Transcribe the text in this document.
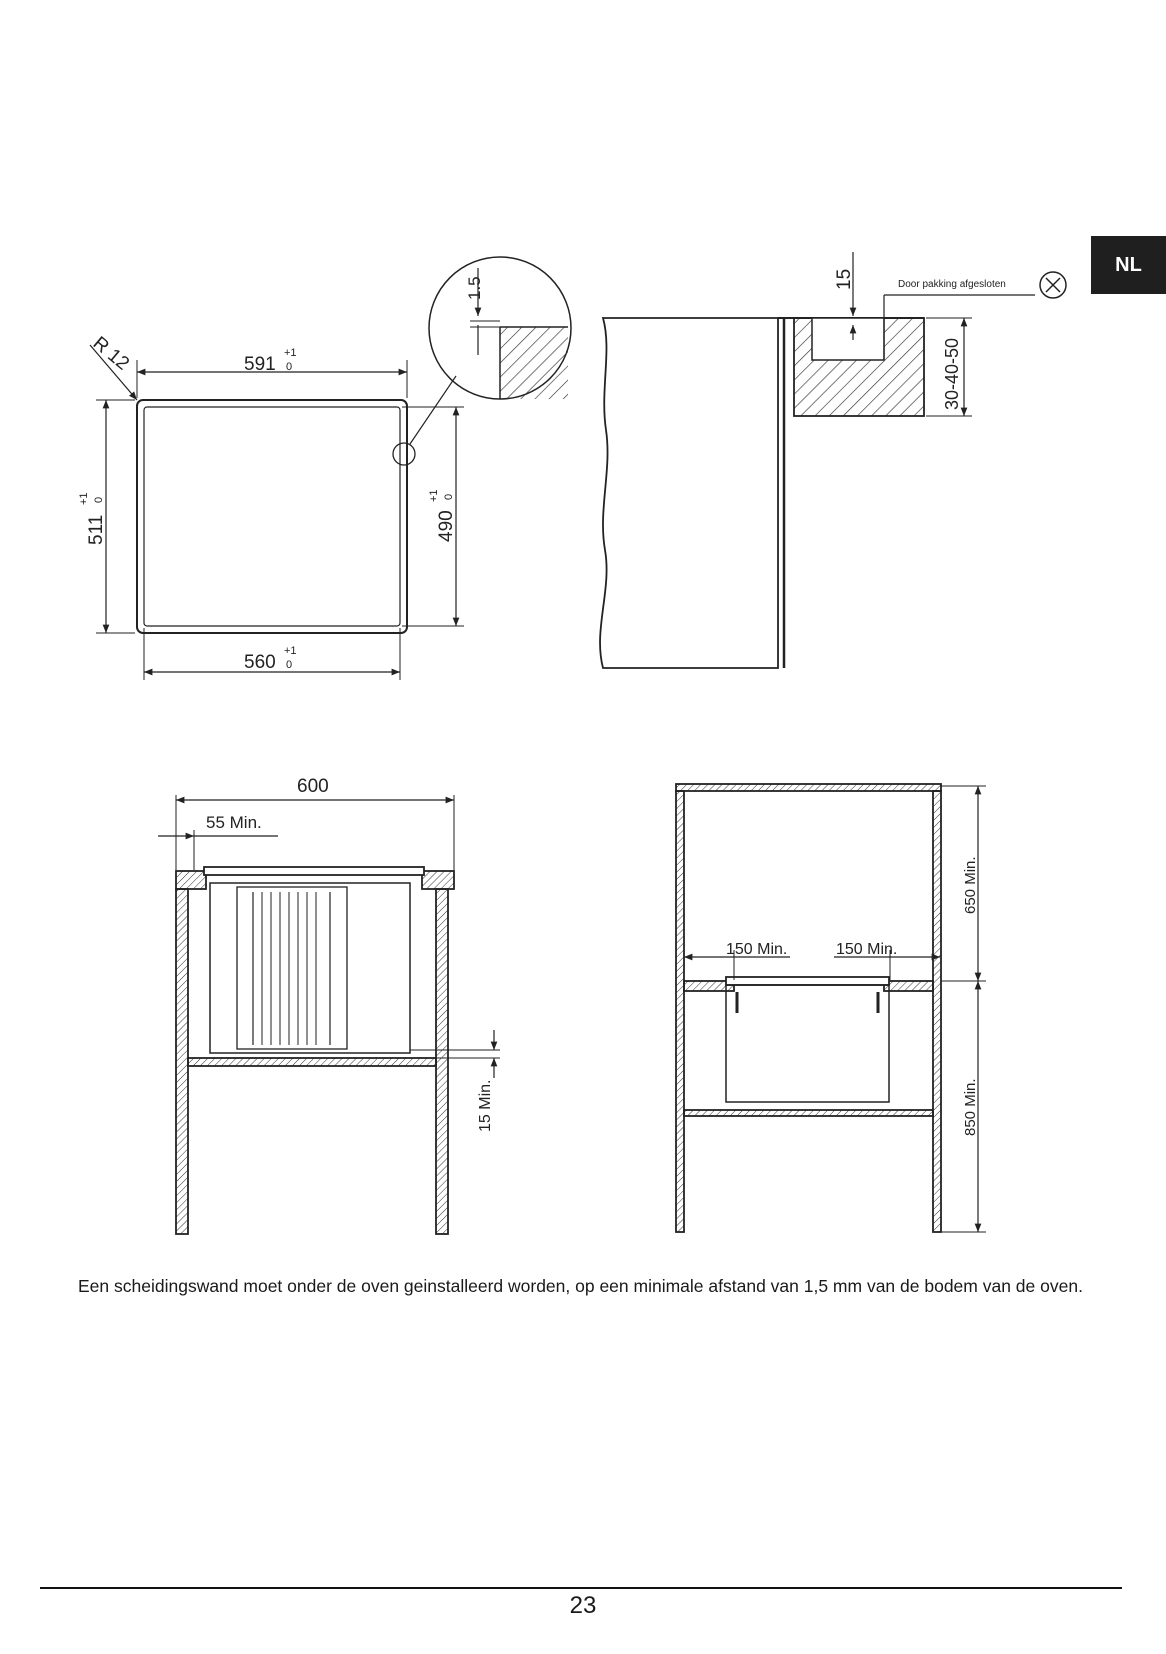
NL
R 12	591
+1
0
560
+1
0
511
+1 0
490
+1 0
1.5	15	Door pakking afgesloten
30-40-50
600
55 Min.
15 Min.
150 Min.	150 Min.
650 Min.
850 Min.

Een scheidingswand moet onder de oven geinstalleerd worden, op een minimale afstand van 1,5 mm van de bodem van de oven.

23
